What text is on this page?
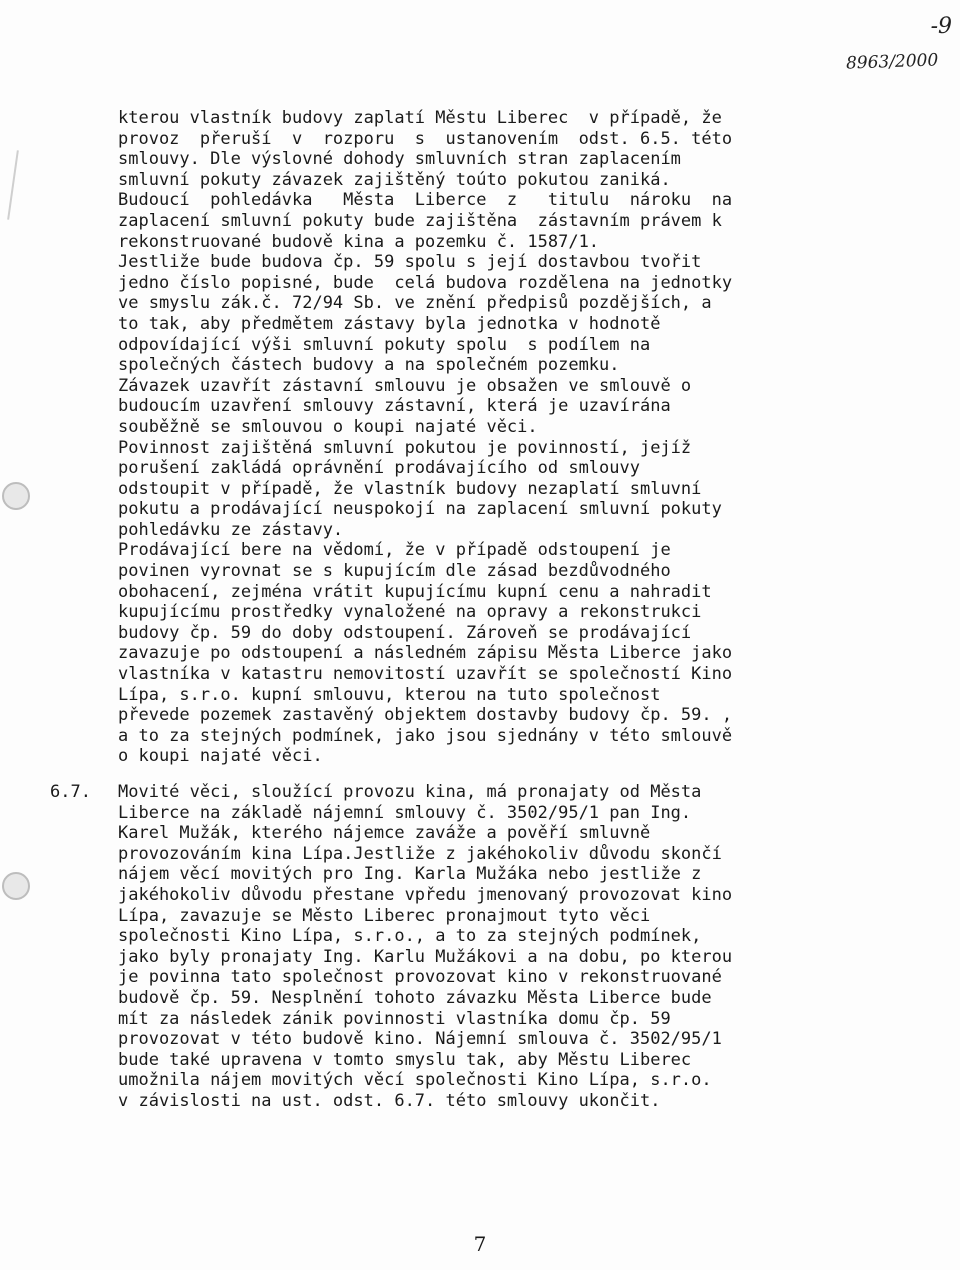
-9
8963/2000
kterou vlastník budovy zaplatí Městu Liberec  v případě, že
provoz  přeruší  v  rozporu  s  ustanovením  odst. 6.5. této
smlouvy. Dle výslovné dohody smluvních stran zaplacením
smluvní pokuty závazek zajištěný toúto pokutou zaniká.
Budoucí  pohledávka   Města  Liberce  z   titulu  nároku  na
zaplacení smluvní pokuty bude zajištěna  zástavním právem k
rekonstruované budově kina a pozemku č. 1587/1.
Jestliže bude budova čp. 59 spolu s její dostavbou tvořit
jedno číslo popisné, bude  celá budova rozdělena na jednotky
ve smyslu zák.č. 72/94 Sb. ve znění předpisů pozdějších, a
to tak, aby předmětem zástavy byla jednotka v hodnotě
odpovídající výši smluvní pokuty spolu  s podílem na
společných částech budovy a na společném pozemku.
Závazek uzavřít zástavní smlouvu je obsažen ve smlouvě o
budoucím uzavření smlouvy zástavní, která je uzavírána
souběžně se smlouvou o koupi najaté věci.
Povinnost zajištěná smluvní pokutou je povinností, jejíž
porušení zakládá oprávnění prodávajícího od smlouvy
odstoupit v případě, že vlastník budovy nezaplatí smluvní
pokutu a prodávající neuspokojí na zaplacení smluvní pokuty
pohledávku ze zástavy.
Prodávající bere na vědomí, že v případě odstoupení je
povinen vyrovnat se s kupujícím dle zásad bezdůvodného
obohacení, zejména vrátit kupujícímu kupní cenu a nahradit
kupujícímu prostředky vynaložené na opravy a rekonstrukci
budovy čp. 59 do doby odstoupení. Zároveň se prodávající
zavazuje po odstoupení a následném zápisu Města Liberce jako
vlastníka v katastru nemovitostí uzavřít se společností Kino
Lípa, s.r.o. kupní smlouvu, kterou na tuto společnost
převede pozemek zastavěný objektem dostavby budovy čp. 59. ,
a to za stejných podmínek, jako jsou sjednány v této smlouvě
o koupi najaté věci.
6.7. Movité věci, sloužící provozu kina, má pronajaty od Města
Liberce na základě nájemní smlouvy č. 3502/95/1 pan Ing.
Karel Mužák, kterého nájemce zaváže a pověří smluvně
provozováním kina Lípa.Jestliže z jakéhokoliv důvodu skončí
nájem věcí movitých pro Ing. Karla Mužáka nebo jestliže z
jakéhokoliv důvodu přestane vpředu jmenovaný provozovat kino
Lípa, zavazuje se Město Liberec pronajmout tyto věci
společnosti Kino Lípa, s.r.o., a to za stejných podmínek,
jako byly pronajaty Ing. Karlu Mužákovi a na dobu, po kterou
je povinna tato společnost provozovat kino v rekonstruované
budově čp. 59. Nesplnění tohoto závazku Města Liberce bude
mít za následek zánik povinnosti vlastníka domu čp. 59
provozovat v této budově kino. Nájemní smlouva č. 3502/95/1
bude také upravena v tomto smyslu tak, aby Městu Liberec
umožnila nájem movitých věcí společnosti Kino Lípa, s.r.o.
v závislosti na ust. odst. 6.7. této smlouvy ukončit.
7
